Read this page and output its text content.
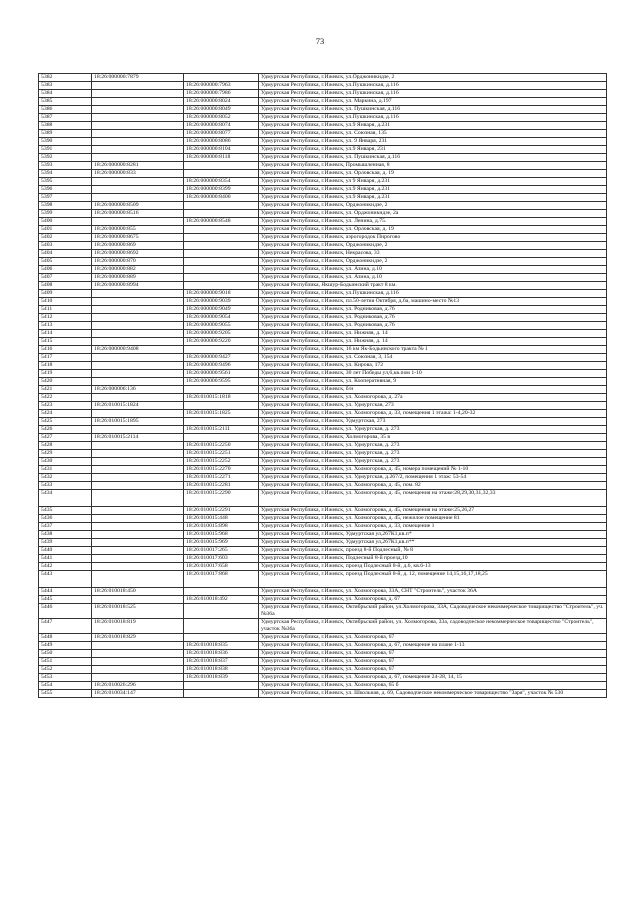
73
5382	18:26:000000:7879		Удмуртская Республика, г.Ижевск, ул.Орджоникидзе, 2
5383		18:26:000000:7963	Удмуртская Республика, г.Ижевск, ул.Пушкинская, д.116
5384		18:26:000000:7986	Удмуртская Республика, г.Ижевск, ул.Пушкинская, д.116
5385		18:26:000000:8024	Удмуртская Республика, г.Ижевск, ул. Маркина, д.197
5386		18:26:000000:8049	Удмуртская Республика, г.Ижевск, ул. Пушкинская, д.116
5387		18:26:000000:8052	Удмуртская Республика, г.Ижевск, ул.Пушкинская, д.116
5388		18:26:000000:8074	Удмуртская Республика, г.Ижевск, ул.9 Января, д.231
5389		18:26:000000:8077	Удмуртская Республика, г.Ижевск, ул. Союзная, 135
5390		18:26:000000:8086	Удмуртская Республика, г.Ижевск, ул. 9 Января, 231
5391		18:26:000000:8104	Удмуртская Республика, г.Ижевск, ул.9 Января, 231
5392		18:26:000000:8118	Удмуртская Республика, г.Ижевск, ул. Пушкинская, д.116
5393	18:26:000000:8281		Удмуртская Республика, г.Ижевск, Промышленная, 8
5394	18:26:000000:833		Удмуртская Республика, г.Ижевск, ул. Орловская, д. 19
5395		18:26:000000:8354	Удмуртская Республика, г.Ижевск, ул 9 Января, д.231
5396		18:26:000000:8399	Удмуртская Республика, г.Ижевск, ул.9 Января, д.231
5397		18:26:000000:8400	Удмуртская Республика, г.Ижевск, ул.9 Января, д.231
5398	18:26:000000:8509		Удмуртская Республика, г.Ижевск, Орджоникидзе, 2
5399	18:26:000000:8516		Удмуртская Республика, г.Ижевск, ул. Орджоникидзе, 2а
5400		18:26:000000:8548	Удмуртская Республика, г.Ижевск, ул. Ленина, д.75.
5401	18:26:000000:855		Удмуртская Республика, г.Ижевск, ул. Орловская, д. 19
5402	18:26:000000:8675		Удмуртская Республика, г.Ижевск, аэрогородок Пирогово
5403	18:26:000000:869		Удмуртская Республика, г.Ижевск, Орджоникидзе, 2
5404	18:26:000000:8692		Удмуртская Республика, г.Ижевск, Некрасова, 33
5405	18:26:000000:870		Удмуртская Республика, г.Ижевск, Орджоникидзе, 2
5406	18:26:000000:882		Удмуртская Республика, г.Ижевск, ул. Азина, д.10
5407	18:26:000000:889		Удмуртская Республика, г.Ижевск, ул. Азина, д.10
5408	18:26:000000:8994		Удмуртская Республика, Якшур-Бодьинский тракт 8 км.
5409		18:26:000000:9018	Удмуртская Республика, г.Ижевск, ул.Пушкинская, д.116
5410		18:26:000000:9039	Удмуртская Республика, г.Ижевск, пл.50-летия Октября, д.6а, машино-место №13
5411		18:26:000000:9049	Удмуртская Республика, г.Ижевск, ул. Родниковая, д.76
5412		18:26:000000:9054	Удмуртская Республика, г.Ижевск, ул. Родниковая, д.76
5413		18:26:000000:9055	Удмуртская Республика, г.Ижевск, ул. Родниковая, д.76
5414		18:26:000000:9205	Удмуртская Республика, г.Ижевск, ул. Нижняя, д. 14
5415		18:26:000000:9220	Удмуртская Республика, г.Ижевск, ул. Нижняя, д. 14
5416	18:26:000000:9408		Удмуртская Республика, г.Ижевск, 16 км Як-Бодьинского тракта № 1
5417		18:26:000000:9427	Удмуртская Республика, г.Ижевск, ул. Союзная, 3, 154
5418		18:26:000000:9496	Удмуртская Республика, г.Ижевск, ул. Кирова, 172
5419		18:26:000000:9561	Удмуртская Республика, г.Ижевск, 30 лет Победы ул,6,кв.пом 1-10
5420		18:26:000000:9595	Удмуртская Республика, г.Ижевск, ул. Кооперативная, 9
5421	18:26:000006:136		Удмуртская Республика, г.Ижевск, б/н
5422		18:26:010015:1818	Удмуртская Республика, г.Ижевск, ул. Холмогорова, д. 27а
5423	18:26:010015:1824		Удмуртская Республика, г.Ижевск, ул. Удмуртская, 273
5424		18:26:010015:1825	Удмуртская Республика, г.Ижевск, ул. Холмогорова, д. 33, помещения 1 этажа: 1-4,20-32
5425	18:26:010015:1895		Удмуртская Республика, г.Ижевск, Удмуртская, 273
5426		18:26:010015:2111	Удмуртская Республика, г.Ижевск, ул. Удмуртская, д. 273
5427	18:26:010015:2114		Удмуртская Республика, г.Ижевск, Холмогорова, 35 в
5428		18:26:010015:2250	Удмуртская Республика, г.Ижевск, ул. Удмуртская, д. 273
5429		18:26:010015:2251	Удмуртская Республика, г.Ижевск, ул. Удмуртская, д. 273
5430		18:26:010015:2252	Удмуртская Республика, г.Ижевск, ул. Удмуртская, д. 273
5431		18:26:010015:2270	Удмуртская Республика, г.Ижевск, ул. Холмогорова, д. 45, номера помещений № 1-10
5432		18:26:010015:2271	Удмуртская Республика, г.Ижевск, ул. Удмуртская, д.267/2, помещения 1 этаж: 53-54
5433		18:26:010015:2281	Удмуртская Республика, г.Ижевск, ул. Холмогорова, д. 45, пом. 82
5434		18:26:010015:2290	Удмуртская Республика, г.Ижевск, ул. Холмогорова, д. 45, помещения на этаже:28,29,30,31,32,33
5435		18:26:010015:2291	Удмуртская Республика, г.Ижевск, ул. Холмогорова, д. 45, помещения на этаже:25,26,27
5436		18:26:010015:448	Удмуртская Республика, г.Ижевск, ул. Холмогорова, д. 45, нежилое помещение 81
5437		18:26:010015:898	Удмуртская Республика, г.Ижевск, ул. Холмогорова, д. 33, помещение 1
5438		18:26:010015:968	Удмуртская Республика, г.Ижевск, Удмуртская ул,267К1,кв.п*
5439		18:26:010015:969	Удмуртская Республика, г.Ижевск, Удмуртская ул,267К1,кв.п**
5440		18:26:010017:265	Удмуртская Республика, г.Ижевск, проезд 8-й Подлесный, № 8
5441		18:26:010017:603	Удмуртская Республика, г.Ижевск, Подлесный 8-й проезд,10
5442		18:26:010017:658	Удмуртская Республика, г.Ижевск, проезд Подлесный 8-й, д.6, кв.6-13
5443		18:26:010017:868	Удмуртская Республика, г.Ижевск, проезд Подлесный 8-й, д. 12, помещение 14,15,16,17,18,25
5444	18:26:010018:450		Удмуртская Республика, г.Ижевск, ул. Холмогорова, 33А, СНТ "Строитель", участок 36А
5445		18:26:010018:492	Удмуртская Республика, г.Ижевск, ул. Холмогорова, д. 67
5446	18:26:010018:525		Удмуртская Республика, г.Ижевск, Октябрьский район, ул.Холмогорова, 33А, Садоводческое некоммерческое товарищество "Строитель", уч.№36а
5447	18:26:010018:819		Удмуртская Республика, г.Ижевск, Октябрьский район, ул. Холмогорова, 33а, садоводческое некоммерческое товарищество "Строитель", участок №36а
5448	18:26:010018:829		Удмуртская Республика, г.Ижевск, ул. Холмогорова, 67
5449		18:26:010018:835	Удмуртская Республика, г.Ижевск, ул. Холмогорова, д. 67, помещение на плане 1-13
5450		18:26:010018:836	Удмуртская Республика, г.Ижевск, ул. Холмогорова, 67
5451		18:26:010018:837	Удмуртская Республика, г.Ижевск, ул. Холмогорова, 67
5452		18:26:010018:838	Удмуртская Республика, г.Ижевск, ул. Холмогорова, 67
5453		18:26:010018:839	Удмуртская Республика, г.Ижевск, ул. Холмогорова, д. 67, помещение 24-28, 14, 15
5454	18:26:010026:296		Удмуртская Республика, г.Ижевск, ул. Холмогорова, 65 б
5455	18:26:010034:147		Удмуртская Республика, г.Ижевск, ул. Школьная, д. 69, Садоводческое некоммерческое товарищество "Заря", участок № 530
